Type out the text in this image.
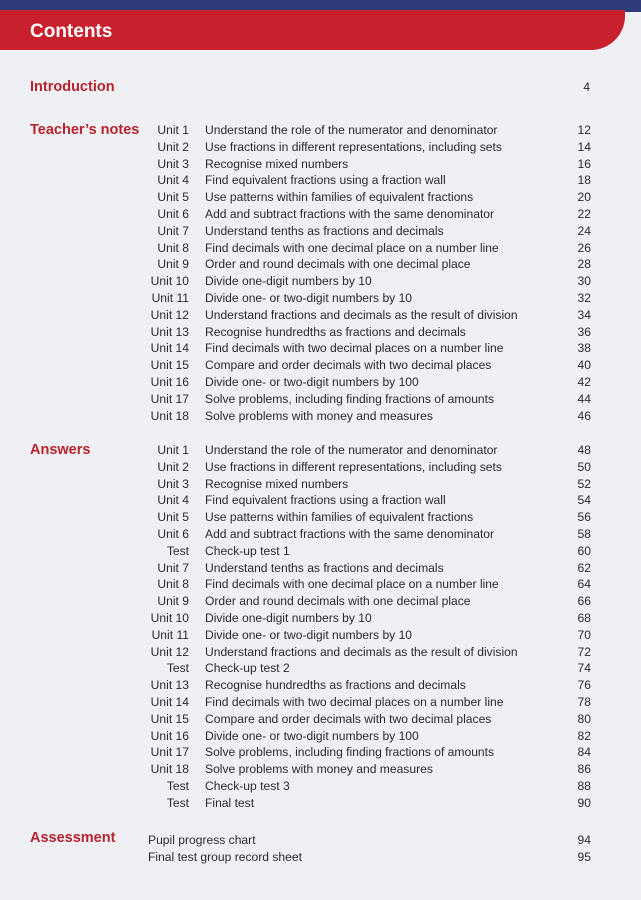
Contents
Introduction	4
Teacher’s notes	Unit 1 Understand the role of the numerator and denominator	12
Unit 2 Use fractions in different representations, including sets	14
Unit 3 Recognise mixed numbers	16
Unit 4 Find equivalent fractions using a fraction wall	18
Unit 5 Use patterns within families of equivalent fractions	20
Unit 6 Add and subtract fractions with the same denominator	22
Unit 7 Understand tenths as fractions and decimals	24
Unit 8 Find decimals with one decimal place on a number line	26
Unit 9 Order and round decimals with one decimal place	28
Unit 10 Divide one-digit numbers by 10	30
Unit 11 Divide one- or two-digit numbers by 10	32
Unit 12 Understand fractions and decimals as the result of division	34
Unit 13 Recognise hundredths as fractions and decimals	36
Unit 14 Find decimals with two decimal places on a number line	38
Unit 15 Compare and order decimals with two decimal places	40
Unit 16 Divide one- or two-digit numbers by 100	42
Unit 17 Solve problems, including finding fractions of amounts	44
Unit 18 Solve problems with money and measures	46
Answers	Unit 1 Understand the role of the numerator and denominator	48
Unit 2 Use fractions in different representations, including sets	50
Unit 3 Recognise mixed numbers	52
Unit 4 Find equivalent fractions using a fraction wall	54
Unit 5 Use patterns within families of equivalent fractions	56
Unit 6 Add and subtract fractions with the same denominator	58
Test Check-up test 1	60
Unit 7 Understand tenths as fractions and decimals	62
Unit 8 Find decimals with one decimal place on a number line	64
Unit 9 Order and round decimals with one decimal place	66
Unit 10 Divide one-digit numbers by 10	68
Unit 11 Divide one- or two-digit numbers by 10	70
Unit 12 Understand fractions and decimals as the result of division	72
Test Check-up test 2	74
Unit 13 Recognise hundredths as fractions and decimals	76
Unit 14 Find decimals with two decimal places on a number line	78
Unit 15 Compare and order decimals with two decimal places	80
Unit 16 Divide one- or two-digit numbers by 100	82
Unit 17 Solve problems, including finding fractions of amounts	84
Unit 18 Solve problems with money and measures	86
Test Check-up test 3	88
Test Final test	90
Assessment	Pupil progress chart	94
Final test group record sheet	95
